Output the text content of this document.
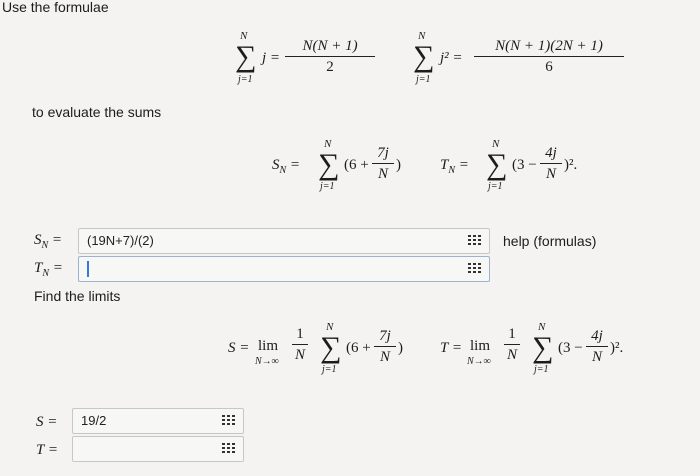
Use the formulae
N
∑
j=1
j =
N(N + 1)
2
N
∑
j=1
j² =
N(N + 1)(2N + 1)
6
to evaluate the sums
$S_N$ =
N
∑
j=1
(6 +
7j
N
)	$T_N$ =
N
∑
j=1
(3 −
4j
N
)².
$S_N$ =	(19N+7)/(2)	help (formulas)
$T_N$ =
Find the limits
S = lim
N→∞
1
N
N
∑
j=1
(6 +
7j
N
) T = lim
N→∞
1
N
N
∑
j=1
(3 −
4j
N
)².
S =	19/2
T =
